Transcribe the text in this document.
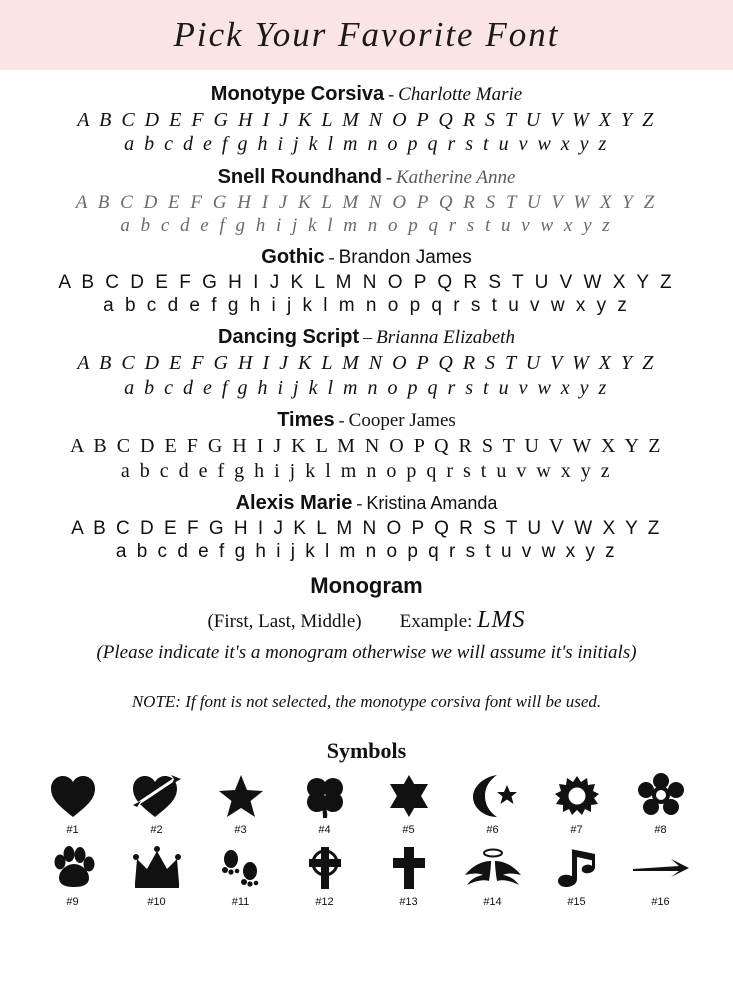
Pick Your Favorite Font
Monotype Corsiva - Charlotte Marie
A B C D E F G H I J K L M N O P Q R S T U V W X Y Z
a b c d e f g h i j k l m n o p q r s t u v w x y z
Snell Roundhand - Katherine Anne
A B C D E F G H I J K L M N O P Q R S T U V W X Y Z
a b c d e f g h i j k l m n o p q r s t u v w x y z
Gothic - Brandon James
A B C D E F G H I J K L M N O P Q R S T U V W X Y Z
a b c d e f g h i j k l m n o p q r s t u v w x y z
Dancing Script – Brianna Elizabeth
A B C D E F G H I J K L M N O P Q R S T U V W X Y Z
a b c d e f g h i j k l m n o p q r s t u v w x y z
Times - Cooper James
A B C D E F G H I J K L M N O P Q R S T U V W X Y Z
a b c d e f g h i j k l m n o p q r s t u v w x y z
Alexis Marie - Kristina Amanda
A B C D E F G H I J K L M N O P Q R S T U V W X Y Z
a b c d e f g h i j k l m n o p q r s t u v w x y z
Monogram
(First, Last, Middle) Example: LMS
(Please indicate it's a monogram otherwise we will assume it's initials)
NOTE: If font is not selected, the monotype corsiva font will be used.
Symbols
#1	#2	#3	#4	#5	#6	#7	#8
#9	#10	#11	#12	#13	#14	#15	#16
